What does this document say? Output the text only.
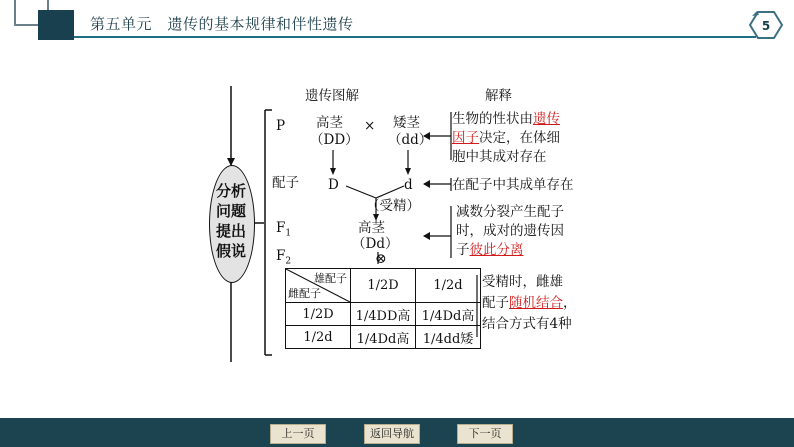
第五单元　遗传的基本规律和伴性遗传	5
分析
问题
提出
假说
遗传图解	解释
P
配子
$F_1$
$F_2$
高茎
（DD）
× 矮茎
（dd）
D	d
（受精）
高茎
（Dd）
⊗
生物的性状由遗传
因子决定，在体细
胞中其成对存在
在配子中其成单存在
减数分裂产生配子
时，成对的遗传因
子彼此分离
受精时，雌雄
配子随机结合，
结合方式有4种
雄配子
雌配子	1/2D	1/2d
1/2D	1/4DD高	1/4Dd高
1/2d	1/4Dd高	1/4dd矮
上一页	返回导航	下一页
